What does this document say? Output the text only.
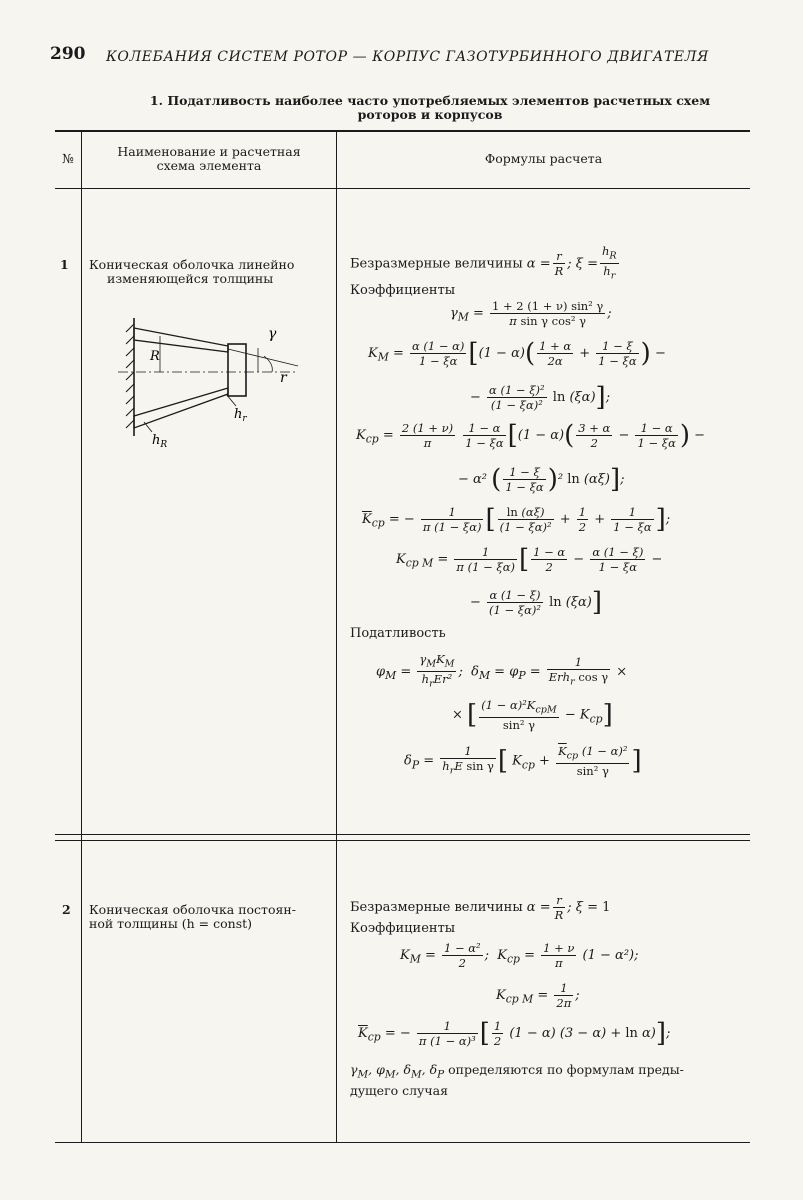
290 КОЛЕБАНИЯ СИСТЕМ РОТОР — КОРПУС ГАЗОТУРБИННОГО ДВИГАТЕЛЯ
1. Податливость наиболее часто употребляемых элементов расчетных схем
роторов и корпусов
№	Наименование и расчетная
схема элемента	Формулы расчета
1 Коническая оболочка линейно
изменяющейся толщины
R
γ
r
$h_r$
$h_R$
Безразмерные величины $\alpha = \frac{r}{R}$ ; $\xi = \frac{h_R}{h_r}$
Коэффициенты
$\gamma_M = \frac{\text{1 + 2 (1 + ν) sin² γ}}{\text{π sin γ cos² γ}}$ ;
$K_M = \frac{\alpha (1 - \alpha)}{1 - \xi\alpha} [(1 - \alpha)( \frac{1 + \alpha}{2\alpha} + \frac{1 - \xi}{1 - \xi\alpha}$ ) −
− $\frac{\text{α (1 − ξ)²}}{\text{(1 − ξα)²}}$ ln (ξα)];
$K_{cp} = \frac{2 (1 + \nu)}{\pi}$
$\frac{1 - \alpha}{1 - \xi\alpha} [(1 - \alpha)( \frac{3 + \alpha}{2} - \frac{1 - \alpha}{1 - \xi\alpha}$ ) −
− α² ( $\frac{1 - \xi}{1 - \xi\alpha} )^2$ ln (αξ)];
$\overline{K}_{cp}$ = − $\frac{1}{\pi (1 - \xi\alpha)}$ [ $\frac{\ln (\alpha\xi)}{\text{(1 − ξα)²}} + \frac{1}{2} + \frac{1}{1 - \xi\alpha}$ ];
$K_{cp M} = \frac{1}{\pi (1 - \xi\alpha)}$ [ $\frac{1 - \alpha}{2} - \frac{\alpha (1 - \xi)}{1 - \xi\alpha}$ −
− $\frac{\alpha (1 - \xi)}{\text{(1 − ξα)²}}$ ln (ξα)]
Податливость
$\varphi_M = \frac{\gamma_MK_M}{h_rEr^2}$ ;  $\delta_M = \varphi_P = \frac{1}{Erh_r \cos \gamma}$ ×
× [ $\frac{(1 - \alpha)^2K_{cpM}}{\text{sin² γ}} - K_{cp}$]
$\delta_P = \frac{1}{h_rE \sin \gamma}$ [ $K_{cp} + \frac{\overline{K}_{cp} (1 - \alpha)^2}{\text{sin² γ}}$ ]
2 Коническая оболочка постоян-
ной толщины (h = const)
Безразмерные величины $\alpha = \frac{r}{R}$ ; ξ = 1
Коэффициенты
$K_M = \frac{\text{1 − α²}}{2}$ ;  $K_{cp} = \frac{1 + \nu}{\pi} (1 - \alpha^2)$;
$K_{cp M} = \frac{1}{2\pi}$ ;
$\overline{K}_{cp}$ = − $\frac{1}{\text{π (1 − α)³}}$ [ $\frac{1}{2} (1 - \alpha) (3 - \alpha) + \ln \alpha$)];
$\gamma_M$, $\varphi_M$, $\delta_M$, $\delta_P$ определяются по формулам преды-
дущего случая
